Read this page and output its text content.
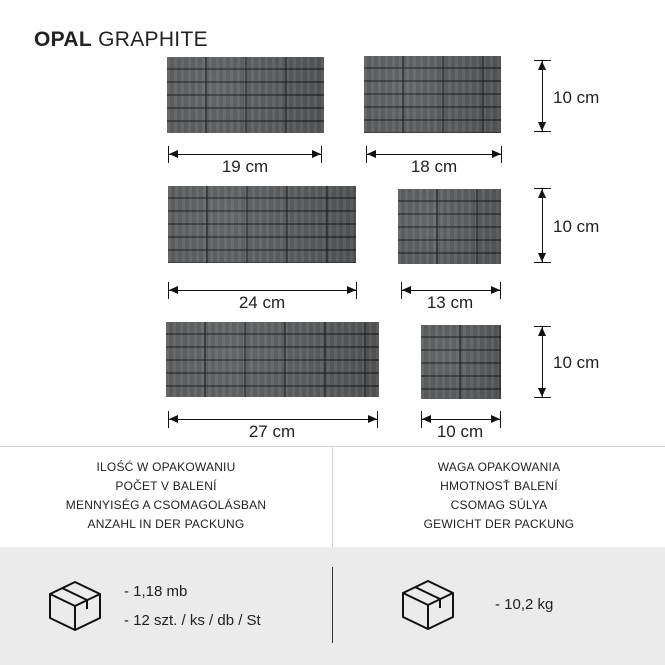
OPAL GRAPHITE
19 cm	18 cm
10 cm
24 cm	13 cm
10 cm
27 cm	10 cm
10 cm
ILOŚĆ W OPAKOWANIU
POČET V BALENÍ
MENNYISÉG A CSOMAGOLÁSBAN
ANZAHL IN DER PACKUNG
WAGA OPAKOWANIA
HMOTNOSŤ BALENÍ
CSOMAG SÚLYA
GEWICHT DER PACKUNG
- 1,18 mb
- 12 szt. / ks / db / St
- 10,2 kg
